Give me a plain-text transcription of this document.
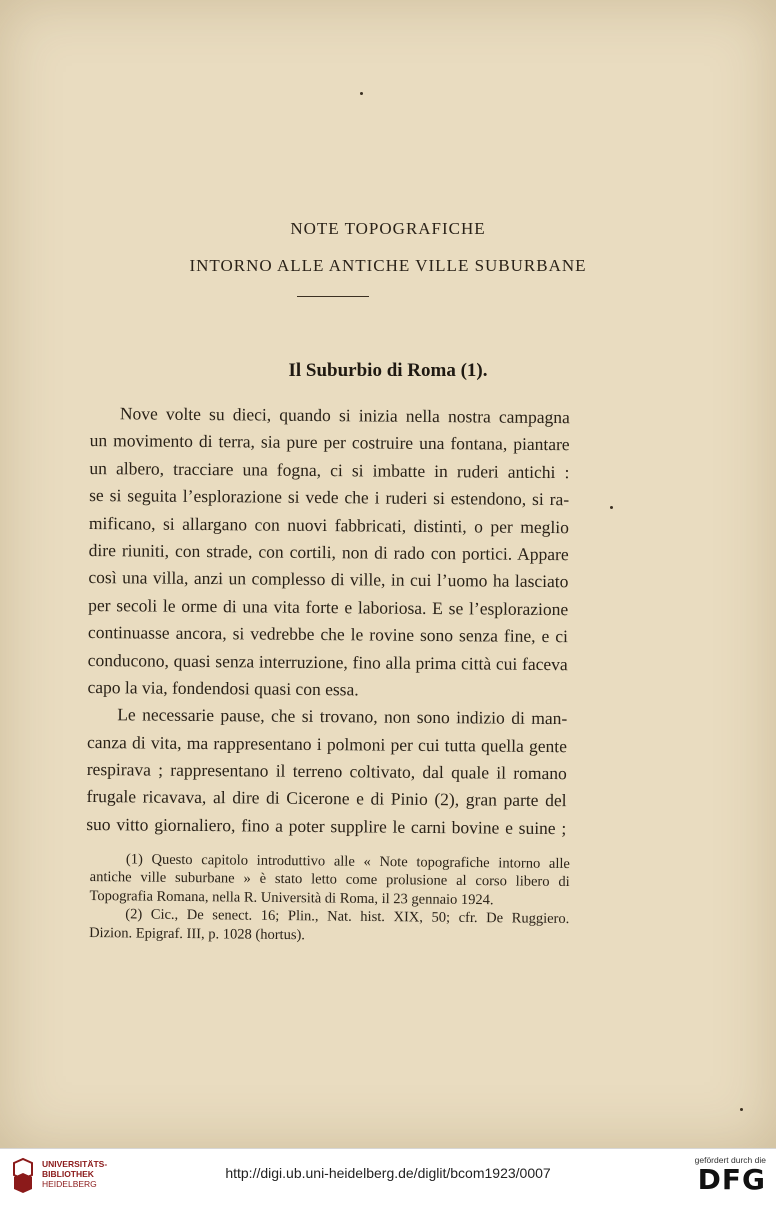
NOTE TOPOGRAFICHE
INTORNO ALLE ANTICHE VILLE SUBURBANE
Il Suburbio di Roma (1).
Nove volte su dieci, quando si inizia nella nostra campagna
un movimento di terra, sia pure per costruire una fontana, piantare
un albero, tracciare una fogna, ci si imbatte in ruderi antichi :
se si seguita l’esplorazione si vede che i ruderi si estendono, si ra-
mificano, si allargano con nuovi fabbricati, distinti, o per meglio
dire riuniti, con strade, con cortili, non di rado con portici. Appare
così una villa, anzi un complesso di ville, in cui l’uomo ha lasciato
per secoli le orme di una vita forte e laboriosa. E se l’esplorazione
continuasse ancora, si vedrebbe che le rovine sono senza fine, e ci
conducono, quasi senza interruzione, fino alla prima città cui faceva
capo la via, fondendosi quasi con essa.
Le necessarie pause, che si trovano, non sono indizio di man-
canza di vita, ma rappresentano i polmoni per cui tutta quella gente
respirava ; rappresentano il terreno coltivato, dal quale il romano
frugale ricavava, al dire di Cicerone e di Pinio (2), gran parte del
suo vitto giornaliero, fino a poter supplire le carni bovine e suine ;
(1) Questo capitolo introduttivo alle « Note topografiche intorno alle
antiche ville suburbane » è stato letto come prolusione al corso libero di
Topografia Romana, nella R. Università di Roma, il 23 gennaio 1924.
(2) Cic., De senect. 16; Plin., Nat. hist. XIX, 50; cfr. De Ruggiero.
Dizion. Epigraf. III, p. 1028 (hortus).
UNIVERSITÄTS-
BIBLIOTHEK
HEIDELBERG
http://digi.ub.uni-heidelberg.de/diglit/bcom1923/0007
gefördert durch die
DFG
